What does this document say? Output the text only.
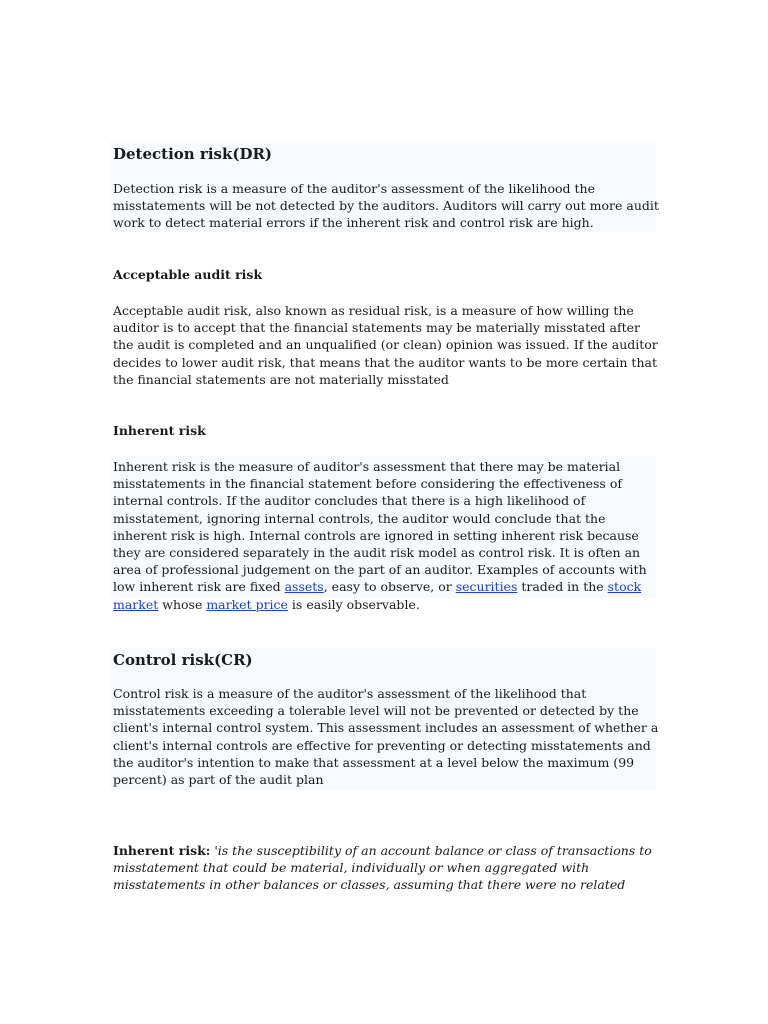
Detection risk(DR)

Detection risk is a measure of the auditor's assessment of the likelihood the misstatements will be not detected by the auditors. Auditors will carry out more audit work to detect material errors if the inherent risk and control risk are high.

Acceptable audit risk

Acceptable audit risk, also known as residual risk, is a measure of how willing the auditor is to accept that the financial statements may be materially misstated after the audit is completed and an unqualified (or clean) opinion was issued. If the auditor decides to lower audit risk, that means that the auditor wants to be more certain that the financial statements are not materially misstated

Inherent risk

Inherent risk is the measure of auditor's assessment that there may be material misstatements in the financial statement before considering the effectiveness of internal controls. If the auditor concludes that there is a high likelihood of misstatement, ignoring internal controls, the auditor would conclude that the inherent risk is high. Internal controls are ignored in setting inherent risk because they are considered separately in the audit risk model as control risk. It is often an area of professional judgement on the part of an auditor. Examples of accounts with low inherent risk are fixed assets, easy to observe, or securities traded in the stock market whose market price is easily observable.

Control risk(CR)

Control risk is a measure of the auditor's assessment of the likelihood that misstatements exceeding a tolerable level will not be prevented or detected by the client's internal control system. This assessment includes an assessment of whether a client's internal controls are effective for preventing or detecting misstatements and the auditor's intention to make that assessment at a level below the maximum (99 percent) as part of the audit plan

Inherent risk: 'is the susceptibility of an account balance or class of transactions to misstatement that could be material, individually or when aggregated with misstatements in other balances or classes, assuming that there were no related
